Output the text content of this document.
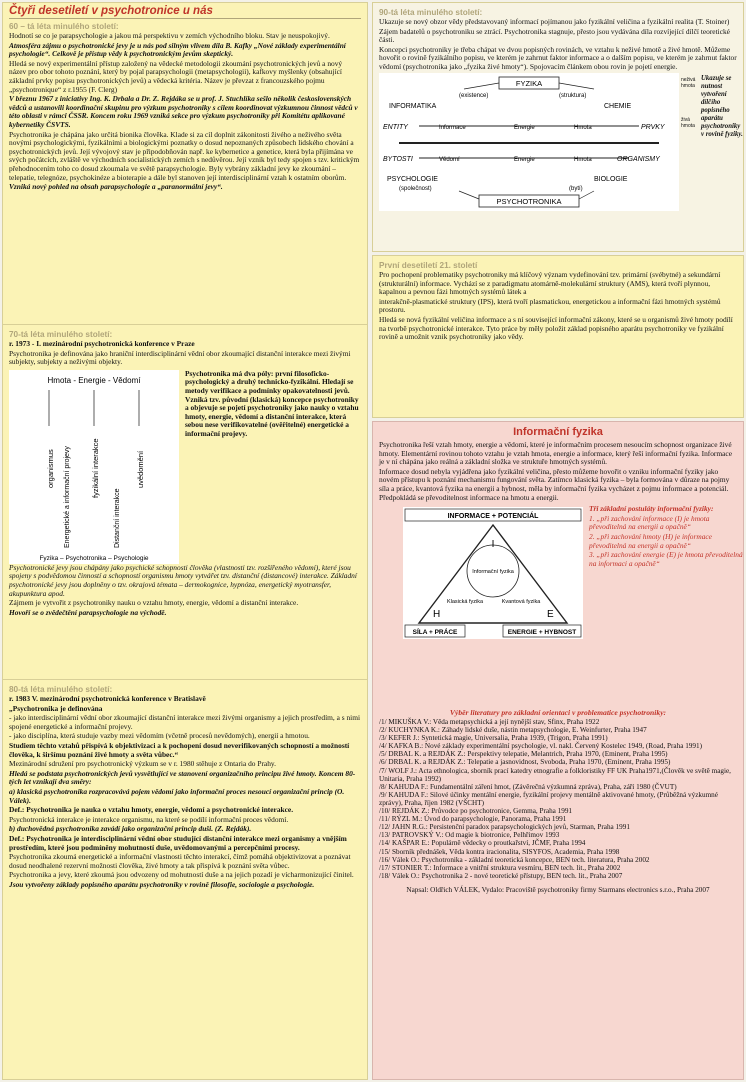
Čtyři desetiletí v psychotronice u nás
60 – tá léta minulého století:

Hodnotí se co je parapsychologie a jakou má perspektivu v zemích východního bloku. Stav je neuspokojivý.

Atmosféra zájmu o psychotronické jevy je u nás pod silným vlivem díla B. Kafky „Nové základy experimentální psychologie“. Celkově je přístup vědy k psychotronickým jevům skeptický.

Hledá se nový experimentální přístup založený na vědecké metodologii zkoumání psychotronických jevů a nový název pro obor tohoto poznání, který by pojal parapsychologii (metapsychologii), kafkovy myšlenky (obsahující základní prvky popisu psychotronických jevů) a vědecká kritéria. Název je převzat z francouzského pojmu „psychotronique“ z r.1955 (F. Clerg)

V březnu 1967 z iniciativy Ing. K. Drbala a Dr. Z. Rejdáka se u prof. J. Stuchlíka sešlo několik československých vědců a ustanovili koordinační skupinu pro výzkum psychotroniky s cílem koordinovat výzkumnou činnost vědců v této oblasti v rámci ČSSR. Koncem roku 1969 vzniká sekce pro výzkum psychotroniky při Komitétu aplikované kybernetiky ČSVTS.

Psychotronika je chápána jako určitá bionika člověka. Klade si za cíl doplnit zákonitosti živého a neživého světa novými psychologickými, fyzikálními a biologickými poznatky o dosud nepoznaných způsobech lidského chování a psychotronických jevů. Její vývojový stav je připodobňován např. ke kybernetice a genetice, která byla přijímána ve svých počátcích, zvláště ve východních socialistických zemích s nedůvěrou. Její vznik byl tedy spojen s tzv. kritickým přehodnocením toho co dosud zkoumala ve světě parapsychologie. Byly vybrány základní jevy ke zkoumání – telepatie, telegnóze, psychokinéze a bioterapie a dále byl stanoven její interdisciplinární vztah k ostatním oborům.

Vzniká nový pohled na obsah parapsychologie a „paranormální jevy“.

70-tá léta minulého století:

r. 1973 - I. mezinárodní psychotronická konference v Praze

Psychotronika je definována jako hraniční interdisciplinární vědní obor zkoumající distanční interakce mezi živými subjekty, subjekty a neživými objekty.

Hmota - Energie - Vědomí
organismus	fyzikální interakce	uvědomění
Energetické a informační projevy	Distanční interakce
Fyzika – Psychotronika – Psychologie

Psychotronika má dva póly: první filosoficko-psychologický a druhý technicko-fyzikální. Hledají se metody verifikace a podmínky opakovatelnosti jevů. Vzniká tzv. původní (klasická) koncepce psychotroniky a objevuje se pojetí psychotroniky jako nauky o vztahu hmoty, energie, vědomí a distanční interakce, která sebou nese verifikovatelné (ověřitelné) energetické a informační projevy.

Psychotronické jevy jsou chápány jako psychické schopnosti člověka (vlastnosti tzv. rozšířeného vědomí), které jsou spojeny s podvědomou činností a schopností organismu hmoty vytvářet tzv. distanční (distancové) interakce. Základní psychotronické jevy jsou doplněny o tzv. okrajová témata – dermokognice, hypnóza, energetický myotransfer, akupunktura apod.

Zájmem je vytvořit z psychotroniky nauku o vztahu hmoty, energie, vědomí a distanční interakce.

Hovoří se o zvědečtění parapsychologie na východě.

80-tá léta minulého století:

r. 1983 V. mezinárodní psychotronická konference v Bratislavě

„Psychotronika je definována

- jako interdisciplinární vědní obor zkoumající distanční interakce mezi živými organismy a jejich prostředím, a s nimi spojené energetické a informační projevy.

- jako disciplína, která studuje vazby mezi vědomím (včetně procesů nevědomých), energií a hmotou.

Studiem těchto vztahů přispívá k objektivizaci a k pochopení dosud neverifikovaných schopností a možností člověka, k širšímu poznání živé hmoty a světa vůbec.“

Mezinárodní sdružení pro psychotronický výzkum se v r. 1980 stěhuje z Ontaria do Prahy.

Hledá se podstata psychotronických jevů vysvětlující ve stanovení organizačního principu živé hmoty. Koncem 80-tých let vznikají dva směry:

a) klasická psychotronika rozpracovává pojem vědomí jako informační proces nesoucí organizační princip (O. Válek).

Def.: Psychotronika je nauka o vztahu hmoty, energie, vědomí a psychotronické interakce.

Psychotronická interakce je interakce organismu, na které se podílí informační proces vědomí.

b) duchovědná psychotronika zavádí jako organizační princip duši. (Z. Rejdák).

Def.: Psychotronika je interdisciplinární vědní obor studující distanční interakce mezi organismy a vnějším prostředím, které jsou podmíněny mohutností duše, uvědomovanými a percepčními procesy.

Psychotronika zkoumá energetické a informační vlastnosti těchto interakcí, čímž pomáhá objektivizovat a poznávat dosud neodhalené rezervní možnosti člověka, živé hmoty a tak přispívá k poznání světa vůbec.

Psychotronika a jevy, které zkoumá jsou odvozeny od mohutností duše a na jejich pozadí je vícharmonizující činitel.

Jsou vytvořeny základy popisného aparátu psychotroniky v rovině filosofie, sociologie a psychologie.

90-tá léta minulého století:

Ukazuje se nový obzor vědy představovaný informací pojímanou jako fyzikální veličina a fyzikální realita (T. Stoiner)

Zájem badatelů o psychotroniku se ztrácí. Psychotronika stagnuje, přesto jsou vydávána díla rozvíjející dílčí teoretické části.

Koncepci psychotroniky je třeba chápat ve dvou popisných rovinách, ve vztahu k neživé hmotě a živé hmotě. Můžeme hovořit o rovině fyzikálního popisu, ve kterém je zahrnut faktor informace a o dalším popisu, ve kterém je zahrnut faktor vědomí (psychotronika jako „fyzika živé hmoty“). Spojovacím článkem obou rovin je pojetí energie.

FYZIKA
(existence)	(struktura)
INFORMATIKA	CHEMIE
ENTITY	Informace	Energie	Hmota	PRVKY
BYTOSTI	Vědomí	Energie	Hmota	ORGANISMY
PSYCHOLOGIE
(společnost)
BIOLOGIE
(bytí)
PSYCHOTRONIKA
neživá hmota
živá hmota

Ukazuje se nutnost vytvoření dílčího popisného aparátu psychotroniky v rovině fyziky.

První desetiletí 21. století

Pro pochopení problematiky psychotroniky má klíčový význam vydefinování tzv. primární (svébytné) a sekundární (strukturální) informace. Vychází se z paradigmatu atomárně-molekulární struktury (AMS), která tvoří plynnou, kapalnou a pevnou fázi hmotných systémů látek a

interakčně-plasmatické struktury (IPS), která tvoří plasmatickou, energetickou a informační fázi hmotných systémů prostoru.

Hledá se nová fyzikální veličina informace a s ní související informační zákony, které se u organismů živé hmoty podílí na tvorbě psychotronické interakce. Tyto práce by měly položit základ popisného aparátu psychotroniky ve fyzikální rovině a umožnit vznik psychotroniky jako vědy.

Informační fyzika

Psychotronika řeší vztah hmoty, energie a vědomí, které je informačním procesem nesoucím schopnost organizace živé hmoty. Elementární rovinou tohoto vztahu je vztah hmota, energie a informace, který řeší informační fyzika. Informace je v ní chápána jako reálná a základní složka ve struktuře hmotných systémů.

Informace dosud nebyla vyjádřena jako fyzikální veličina, přesto můžeme hovořit o vzniku informační fyziky jako novém přístupu k poznání mechanismu fungování světa. Zatímco klasická fyzika – byla formována v důraze na pojmy síla a práce, kvantová fyzika na energii a hybnost, měla by informační fyzika vycházet z pojmu informace a potenciál. Předpokládá se převoditelnost informace na hmotu a energii.

INFORMACE + POTENCIÁL
I
H	E
Informační fyzika
Klasická fyzika	Kvantová fyzika
SÍLA + PRÁCE	ENERGIE + HYBNOST

Tři základní postuláty informační fyziky:

1. „při zachování informace (I) je hmota převoditelná na energii a opačně“

2. „při zachování hmoty (H) je informace převoditelná na energii a opačně“

3. „při zachování energie (E) je hmota převoditelná na informaci a opačně“

Výběr literatury pro základní orientaci v problematice psychotroniky:

/1/ MIKUŠKA V.: Věda metapsychická a její nynější stav, Sfinx, Praha 1922

/2/ KUCHYNKA K.: Záhady lidské duše, nástin metapsychologie, E. Weinfurter, Praha 1947

/3/ KEFER J.: Syntetická magie, Universalia, Praha 1939, (Trigon, Praha 1991)

/4/ KAFKA B.: Nové základy experimentální psychologie, vl. nakl. Červený Kostelec 1949, (Road, Praha 1991)

/5/ DRBAL K. a REJDÁK Z.: Perspektivy telepatie, Melantrich, Praha 1970, (Eminent, Praha 1995)

/6/ DRBAL K. a REJDÁK Z.: Telepatie a jasnovidnost, Svoboda, Praha 1970, (Eminent, Praha 1995)

/7/ WOLF J.: Acta ethnologica, sborník prací katedry etnografie a folkloristiky FF UK Praha1971,(Člověk ve světě magie, Unitaria, Praha 1992)

/8/ KAHUDA F.: Fundamentální záření hmot, (Závěrečná výzkumná zpráva), Praha, září 1980 (ČVUT)

/9/ KAHUDA F.: Silové účinky mentální energie, fyzikální projevy mentálně aktivované hmoty, (Průběžná výzkumné zprávy), Praha, říjen 1982 (VŠCHT)

/10/ REJDÁK Z.: Průvodce po psychotronice, Gemma, Praha 1991

/11/ RÝZL M.: Úvod do parapsychologie, Panorama, Praha 1991

/12/ JAHN R.G.: Persistenční paradox parapsychologických jevů, Starman, Praha 1991

/13/ PATROVSKÝ V.: Od magie k biotronice, Pelhřimov 1993

/14/ KAŠPAR E.: Populárně vědecky o proutkařství, JČMF, Praha 1994

/15/ Sborník přednášek, Věda kontra iracionalita, SISYFOS, Academia, Praha 1998

/16/ Válek O.: Psychotronika - základní teoretická koncepce, BEN tech. literatura, Praha 2002

/17/ STONIER T.: Informace a vnitřní struktura vesmíru, BEN tech. lit., Praha 2002

/18/ Válek O.: Psychotronika 2 - nové teoretické přístupy, BEN tech. lit., Praha 2007

Napsal: Oldřich VÁLEK, Vydalo: Pracoviště psychotroniky firmy Starmans electronics s.r.o., Praha 2007
